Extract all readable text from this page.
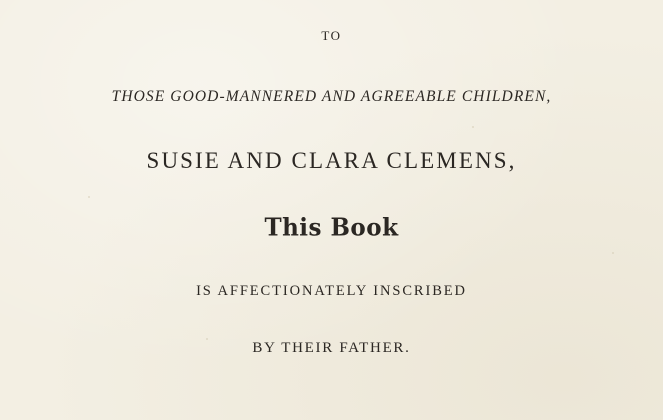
TO
THOSE GOOD-MANNERED AND AGREEABLE CHILDREN,
SUSIE AND CLARA CLEMENS,
This Book
IS AFFECTIONATELY INSCRIBED
BY THEIR FATHER.
